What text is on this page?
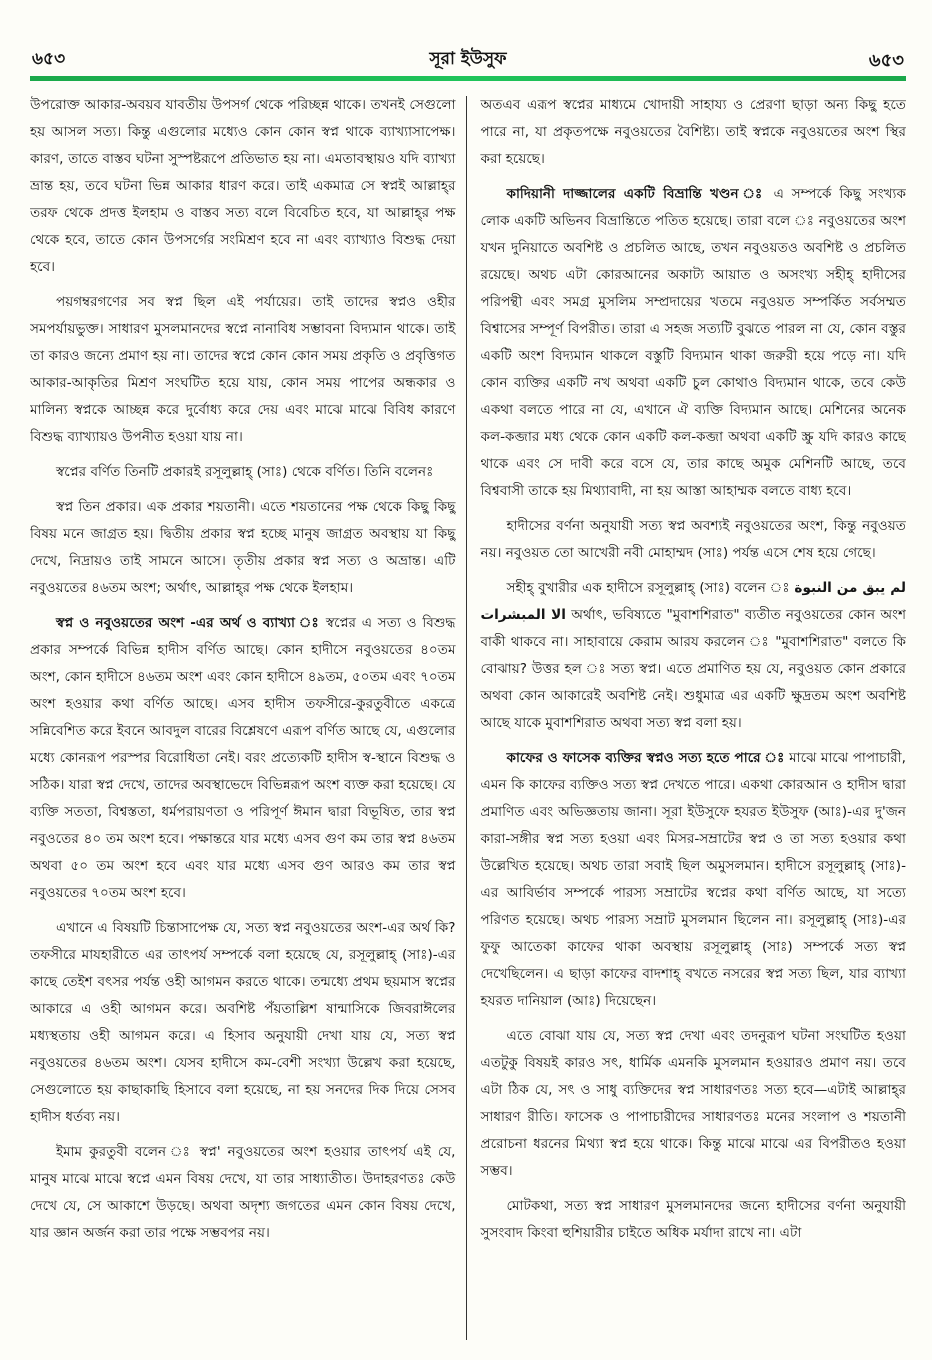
৬৫৩	সূরা ইউসুফ	৬৫৩

উপরোক্ত আকার-অবয়ব যাবতীয় উপসর্গ থেকে পরিচ্ছন্ন থাকে। তখনই সেগুলো হয় আসল সত্য। কিন্তু এগুলোর মধ্যেও কোন কোন স্বপ্ন থাকে ব্যাখ্যাসাপেক্ষ। কারণ, তাতে বাস্তব ঘটনা সুস্পষ্টরূপে প্রতিভাত হয় না। এমতাবস্থায়ও যদি ব্যাখ্যা ভ্রান্ত হয়, তবে ঘটনা ভিন্ন আকার ধারণ করে। তাই একমাত্র সে স্বপ্নই আল্লাহ্‌র তরফ থেকে প্রদত্ত ইলহাম ও বাস্তব সত্য বলে বিবেচিত হবে, যা আল্লাহ্‌র পক্ষ থেকে হবে, তাতে কোন উপসর্গের সংমিশ্রণ হবে না এবং ব্যাখ্যাও বিশুদ্ধ দেয়া হবে।

পয়গম্বরগণের সব স্বপ্ন ছিল এই পর্যায়ের। তাই তাদের স্বপ্নও ওহীর সমপর্যায়ভুক্ত। সাধারণ মুসলমানদের স্বপ্নে নানাবিধ সম্ভাবনা বিদ্যমান থাকে। তাই তা কারও জন্যে প্রমাণ হয় না। তাদের স্বপ্নে কোন কোন সময় প্রকৃতি ও প্রবৃত্তিগত আকার-আকৃতির মিশ্রণ সংঘটিত হয়ে যায়, কোন সময় পাপের অন্ধকার ও মালিন্য স্বপ্নকে আচ্ছন্ন করে দুর্বোধ্য করে দেয় এবং মাঝে মাঝে বিবিধ কারণে বিশুদ্ধ ব্যাখ্যায়ও উপনীত হওয়া যায় না।

স্বপ্নের বর্ণিত তিনটি প্রকারই রসূলুল্লাহ্‌ (সাঃ) থেকে বর্ণিত। তিনি বলেনঃ

স্বপ্ন তিন প্রকার। এক প্রকার শয়তানী। এতে শয়তানের পক্ষ থেকে কিছু কিছু বিষয় মনে জাগ্রত হয়। দ্বিতীয় প্রকার স্বপ্ন হচ্ছে মানুষ জাগ্রত অবস্থায় যা কিছু দেখে, নিদ্রায়ও তাই সামনে আসে। তৃতীয় প্রকার স্বপ্ন সত্য ও অভ্রান্ত। এটি নবুওয়তের ৪৬তম অংশ; অর্থাৎ, আল্লাহ্‌র পক্ষ থেকে ইলহাম।

স্বপ্ন ও নবুওয়তের অংশ -এর অর্থ ও ব্যাখ্যা ঃ স্বপ্নের এ সত্য ও বিশুদ্ধ প্রকার সম্পর্কে বিভিন্ন হাদীস বর্ণিত আছে। কোন হাদীসে নবুওয়তের ৪০তম অংশ, কোন হাদীসে ৪৬তম অংশ এবং কোন হাদীসে ৪৯তম, ৫০তম এবং ৭০তম অংশ হওয়ার কথা বর্ণিত আছে। এসব হাদীস তফসীরে-কুরতুবীতে একত্রে সন্নিবেশিত করে ইবনে আবদুল বারের বিশ্লেষণে এরূপ বর্ণিত আছে যে, এগুলোর মধ্যে কোনরূপ পরস্পর বিরোধিতা নেই। বরং প্রত্যেকটি হাদীস স্ব-স্থানে বিশুদ্ধ ও সঠিক। যারা স্বপ্ন দেখে, তাদের অবস্থাভেদে বিভিন্নরূপ অংশ ব্যক্ত করা হয়েছে। যে ব্যক্তি সততা, বিশ্বস্ততা, ধর্মপরায়ণতা ও পরিপূর্ণ ঈমান দ্বারা বিভূষিত, তার স্বপ্ন নবুওতের ৪০ তম অংশ হবে। পক্ষান্তরে যার মধ্যে এসব গুণ কম তার স্বপ্ন ৪৬তম অথবা ৫০ তম অংশ হবে এবং যার মধ্যে এসব গুণ আরও কম তার স্বপ্ন নবুওয়তের ৭০তম অংশ হবে।

এখানে এ বিষয়টি চিন্তাসাপেক্ষ যে, সত্য স্বপ্ন নবুওয়তের অংশ-এর অর্থ কি? তফসীরে মাযহারীতে এর তাৎপর্য সম্পর্কে বলা হয়েছে যে, রসূলুল্লাহ্‌ (সাঃ)-এর কাছে তেইশ বৎসর পর্যন্ত ওহী আগমন করতে থাকে। তন্মধ্যে প্রথম ছয়মাস স্বপ্নের আকারে এ ওহী আগমন করে। অবশিষ্ট পঁয়তাল্লিশ ষান্মাসিকে জিবরাঈলের মধ্যস্থতায় ওহী আগমন করে। এ হিসাব অনুযায়ী দেখা যায় যে, সত্য স্বপ্ন নবুওয়তের ৪৬তম অংশ। যেসব হাদীসে কম-বেশী সংখ্যা উল্লেখ করা হয়েছে, সেগুলোতে হয় কাছাকাছি হিসাবে বলা হয়েছে, না হয় সনদের দিক দিয়ে সেসব হাদীস ধর্তব্য নয়।

ইমাম কুরতুবী বলেন ঃ স্বপ্ন' নবুওয়তের অংশ হওয়ার তাৎপর্য এই যে, মানুষ মাঝে মাঝে স্বপ্নে এমন বিষয় দেখে, যা তার সাধ্যাতীত। উদাহরণতঃ কেউ দেখে যে, সে আকাশে উড়ছে। অথবা অদৃশ্য জগতের এমন কোন বিষয় দেখে, যার জ্ঞান অর্জন করা তার পক্ষে সম্ভবপর নয়।

অতএব এরূপ স্বপ্নের মাধ্যমে খোদায়ী সাহায্য ও প্রেরণা ছাড়া অন্য কিছু হতে পারে না, যা প্রকৃতপক্ষে নবুওয়তের বৈশিষ্ট্য। তাই স্বপ্নকে নবুওয়তের অংশ স্থির করা হয়েছে।

কাদিয়ানী দাজ্জালের একটি বিভ্রান্তি খণ্ডন ঃ এ সম্পর্কে কিছু সংখ্যক লোক একটি অভিনব বিভ্রান্তিতে পতিত হয়েছে। তারা বলে ঃ নবুওয়তের অংশ যখন দুনিয়াতে অবশিষ্ট ও প্রচলিত আছে, তখন নবুওয়তও অবশিষ্ট ও প্রচলিত রয়েছে। অথচ এটা কোরআনের অকাট্য আয়াত ও অসংখ্য সহীহ্‌ হাদীসের পরিপন্থী এবং সমগ্র মুসলিম সম্প্রদায়ের খতমে নবুওয়ত সম্পর্কিত সর্বসম্মত বিশ্বাসের সম্পূর্ণ বিপরীত। তারা এ সহজ সত্যটি বুঝতে পারল না যে, কোন বস্তুর একটি অংশ বিদ্যমান থাকলে বস্তুটি বিদ্যমান থাকা জরুরী হয়ে পড়ে না। যদি কোন ব্যক্তির একটি নখ অথবা একটি চুল কোথাও বিদ্যমান থাকে, তবে কেউ একথা বলতে পারে না যে, এখানে ঐ ব্যক্তি বিদ্যমান আছে। মেশিনের অনেক কল-কব্জার মধ্য থেকে কোন একটি কল-কব্জা অথবা একটি স্ক্রু যদি কারও কাছে থাকে এবং সে দাবী করে বসে যে, তার কাছে অমুক মেশিনটি আছে, তবে বিশ্ববাসী তাকে হয় মিথ্যাবাদী, না হয় আস্তা আহাম্মক বলতে বাধ্য হবে।

হাদীসের বর্ণনা অনুযায়ী সত্য স্বপ্ন অবশ্যই নবুওয়তের অংশ, কিন্তু নবুওয়ত নয়। নবুওয়ত তো আখেরী নবী মোহাম্মদ (সাঃ) পর্যন্ত এসে শেষ হয়ে গেছে।

সহীহ্‌ বুখারীর এক হাদীসে রসূলুল্লাহ্‌ (সাঃ) বলেন ঃ لم يبق من النبوة الا المبشرات অর্থাৎ, ভবিষ্যতে "মুবাশশিরাত" ব্যতীত নবুওয়তের কোন অংশ বাকী থাকবে না। সাহাবায়ে কেরাম আরয করলেন ঃ "মুবাশশিরাত" বলতে কি বোঝায়? উত্তর হল ঃ সত্য স্বপ্ন। এতে প্রমাণিত হয় যে, নবুওয়ত কোন প্রকারে অথবা কোন আকারেই অবশিষ্ট নেই। শুধুমাত্র এর একটি ক্ষুদ্রতম অংশ অবশিষ্ট আছে যাকে মুবাশশিরাত অথবা সত্য স্বপ্ন বলা হয়।

কাফের ও ফাসেক ব্যক্তির স্বপ্নও সত্য হতে পারে ঃ মাঝে মাঝে পাপাচারী, এমন কি কাফের ব্যক্তিও সত্য স্বপ্ন দেখতে পারে। একথা কোরআন ও হাদীস দ্বারা প্রমাণিত এবং অভিজ্ঞতায় জানা। সূরা ইউসুফে হযরত ইউসুফ (আঃ)-এর দু'জন কারা-সঙ্গীর স্বপ্ন সত্য হওয়া এবং মিসর-সম্রাটের স্বপ্ন ও তা সত্য হওয়ার কথা উল্লেখিত হয়েছে। অথচ তারা সবাই ছিল অমুসলমান। হাদীসে রসূলুল্লাহ্‌ (সাঃ)-এর আবির্ভাব সম্পর্কে পারস্য সম্রাটের স্বপ্নের কথা বর্ণিত আছে, যা সত্যে পরিণত হয়েছে। অথচ পারস্য সম্রাট মুসলমান ছিলেন না। রসূলুল্লাহ্‌ (সাঃ)-এর ফুফু আতেকা কাফের থাকা অবস্থায় রসূলুল্লাহ্‌ (সাঃ) সম্পর্কে সত্য স্বপ্ন দেখেছিলেন। এ ছাড়া কাফের বাদশাহ্‌ বখতে নসরের স্বপ্ন সত্য ছিল, যার ব্যাখ্যা হযরত দানিয়াল (আঃ) দিয়েছেন।

এতে বোঝা যায় যে, সত্য স্বপ্ন দেখা এবং তদনুরূপ ঘটনা সংঘটিত হওয়া এতটুকু বিষয়ই কারও সৎ, ধার্মিক এমনকি মুসলমান হওয়ারও প্রমাণ নয়। তবে এটা ঠিক যে, সৎ ও সাধু ব্যক্তিদের স্বপ্ন সাধারণতঃ সত্য হবে—এটাই আল্লাহ্‌র সাধারণ রীতি। ফাসেক ও পাপাচারীদের সাধারণতঃ মনের সংলাপ ও শয়তানী প্ররোচনা ধরনের মিথ্যা স্বপ্ন হয়ে থাকে। কিন্তু মাঝে মাঝে এর বিপরীতও হওয়া সম্ভব।

মোটকথা, সত্য স্বপ্ন সাধারণ মুসলমানদের জন্যে হাদীসের বর্ণনা অনুযায়ী সুসংবাদ কিংবা হুশিয়ারীর চাইতে অধিক মর্যাদা রাখে না। এটা
